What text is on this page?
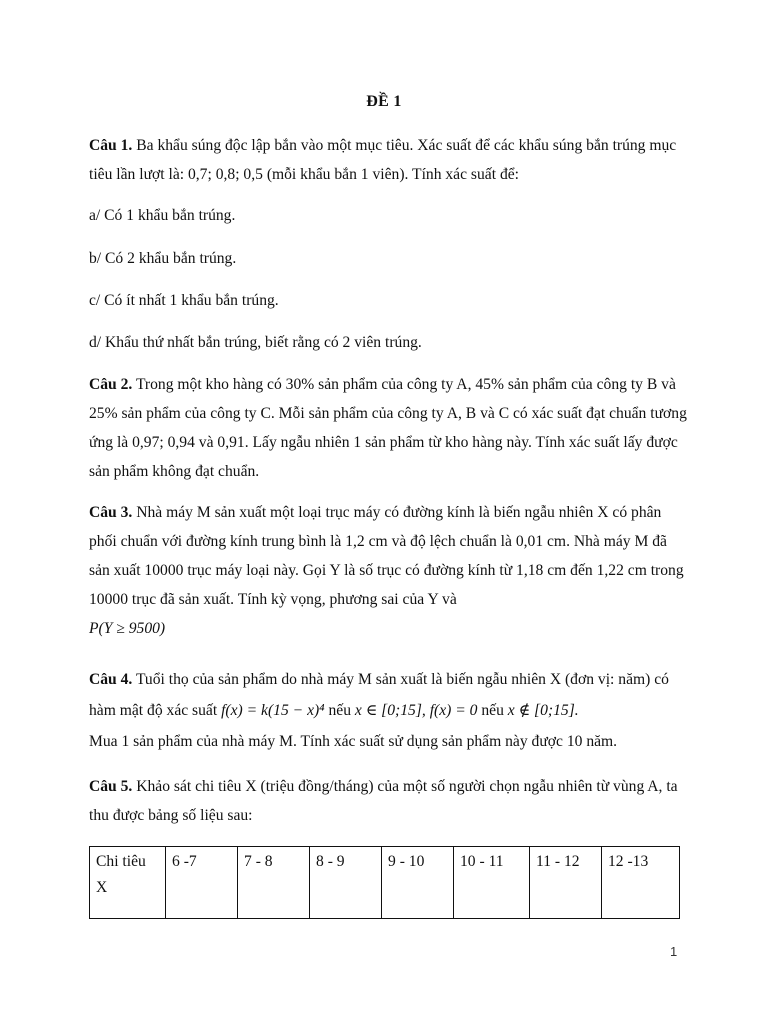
ĐỀ 1

Câu 1. Ba khẩu súng độc lập bắn vào một mục tiêu. Xác suất để các khẩu súng bắn trúng mục tiêu lần lượt là: 0,7; 0,8; 0,5 (mỗi khẩu bắn 1 viên). Tính xác suất để:

a/ Có 1 khẩu bắn trúng.

b/ Có 2 khẩu bắn trúng.

c/ Có ít nhất 1 khẩu bắn trúng.

d/ Khẩu thứ nhất bắn trúng, biết rằng có 2 viên trúng.

Câu 2. Trong một kho hàng có 30% sản phẩm của công ty A, 45% sản phẩm của công ty B và 25% sản phẩm của công ty C. Mỗi sản phẩm của công ty A, B và C có xác suất đạt chuẩn tương ứng là 0,97; 0,94 và 0,91. Lấy ngẫu nhiên 1 sản phẩm từ kho hàng này. Tính xác suất lấy được sản phẩm không đạt chuẩn.

Câu 3. Nhà máy M sản xuất một loại trục máy có đường kính là biến ngẫu nhiên X có phân phối chuẩn với đường kính trung bình là 1,2 cm và độ lệch chuẩn là 0,01 cm. Nhà máy M đã sản xuất 10000 trục máy loại này. Gọi Y là số trục có đường kính từ 1,18 cm đến 1,22 cm trong 10000 trục đã sản xuất. Tính kỳ vọng, phương sai của Y và
P(Y ≥ 9500)

Câu 4. Tuổi thọ của sản phẩm do nhà máy M sản xuất là biến ngẫu nhiên X (đơn vị: năm) có hàm mật độ xác suất f(x) = k(15 − x)⁴ nếu x ∈ [0;15], f(x) = 0 nếu x ∉ [0;15].
Mua 1 sản phẩm của nhà máy M. Tính xác suất sử dụng sản phẩm này được 10 năm.

Câu 5. Khảo sát chi tiêu X (triệu đồng/tháng) của một số người chọn ngẫu nhiên từ vùng A, ta thu được bảng số liệu sau:

Chi tiêu X	6 -7	7 - 8	8 - 9	9 - 10	10 - 11	11 - 12	12 -13
1
